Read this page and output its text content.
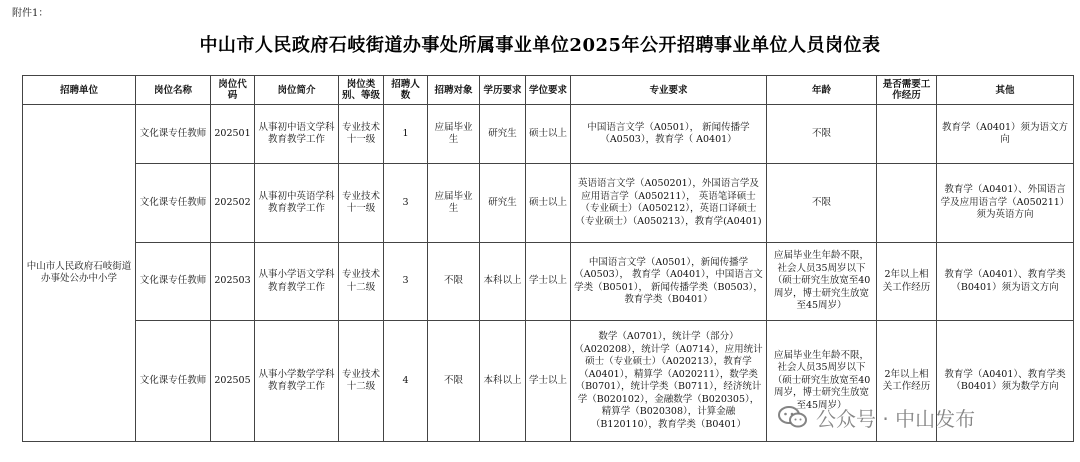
附件1：
中山市人民政府石岐街道办事处所属事业单位2025年公开招聘事业单位人员岗位表
招聘单位	岗位名称	岗位代码	岗位简介	岗位类别、等级	招聘人数	招聘对象	学历要求	学位要求	专业要求	年龄	是否需要工作经历	其他
中山市人民政府石岐街道办事处公办中小学	文化课专任教师	202501	从事初中语文学科教育教学工作	专业技术十一级	1	应届毕业生	研究生	硕士以上	中国语言文学（A0501）， 新闻传播学（A0503），教育学（ A0401）	不限		教育学（A0401）须为语文方向
	文化课专任教师	202502	从事初中英语学科教育教学工作	专业技术十一级	3	应届毕业生	研究生	硕士以上	英语语言文学（A050201），外国语言学及应用语言学（A050211）， 英语笔译硕士（专业硕士）（A050212），英语口译硕士（专业硕士）（A050213），教育学(A0401)	不限		教育学（A0401）、外国语言学及应用语言学（A050211）须为英语方向
	文化课专任教师	202503	从事小学语文学科教育教学工作	专业技术十二级	3	不限	本科以上	学士以上	中国语言文学（A0501），新闻传播学（A0503）， 教育学（A0401），中国语言文学类（B0501）， 新闻传播学类（B0503），教育学类（B0401）	应届毕业生年龄不限，社会人员35周岁以下（硕士研究生放宽至40周岁，博士研究生放宽至45周岁）	2年以上相关工作经历	教育学（A0401）、教育学类（B0401）须为语文方向
	文化课专任教师	202505	从事小学数学学科教育教学工作	专业技术十二级	4	不限	本科以上	学士以上	数学（A0701），统计学（部分）（A020208），统计学（A0714），应用统计硕士（专业硕士）（A020213），教育学（A0401），精算学（A020211），数学类（B0701），统计学类（B0711），经济统计学（B020102），金融数学（B020305），精算学（B020308），计算金融（B120110），教育学类（B0401）	应届毕业生年龄不限，社会人员35周岁以下（硕士研究生放宽至40周岁，博士研究生放宽至45周岁）	2年以上相关工作经历	教育学（A0401）、教育学类（B0401）须为数学方向
公众号 · 中山发布
